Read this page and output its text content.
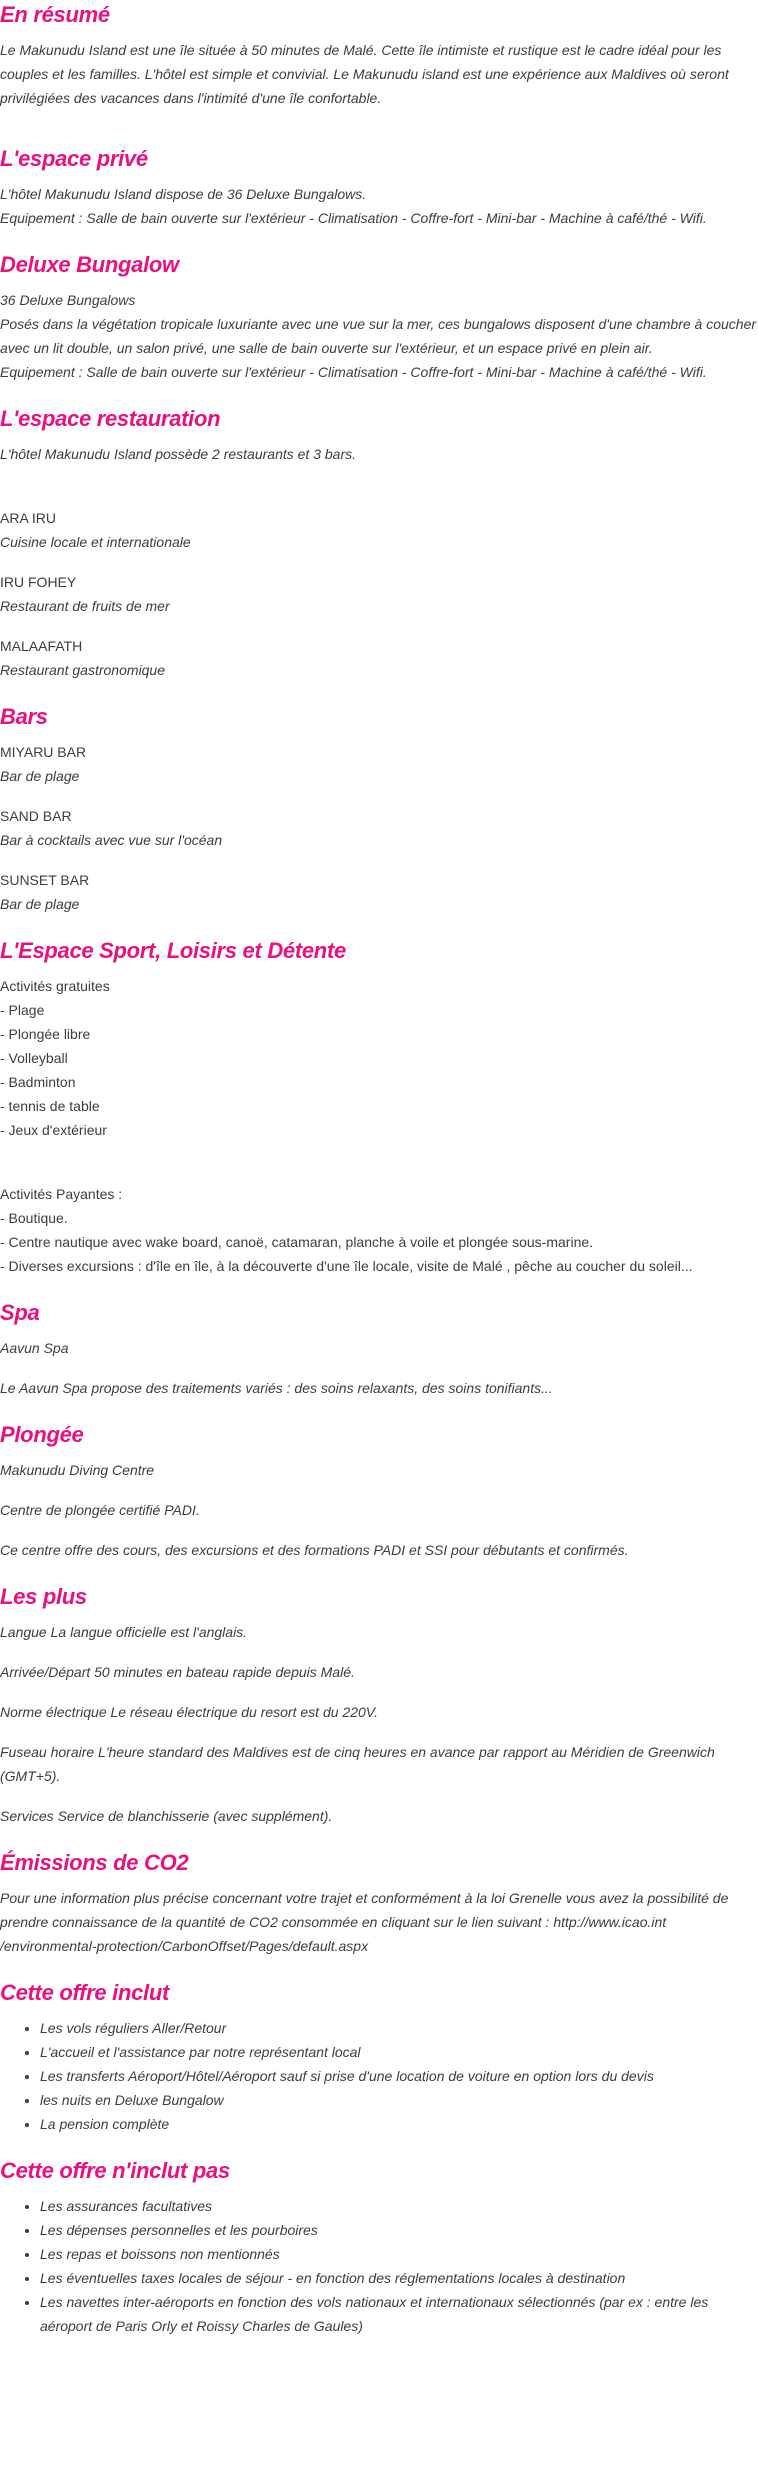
En résumé

Le Makunudu Island est une île située à 50 minutes de Malé. Cette île intimiste et rustique est le cadre idéal pour les couples et les familles. L'hôtel est simple et convivial. Le Makunudu island est une expérience aux Maldives où seront privilégiées des vacances dans l'intimité d'une île confortable.

L'espace privé

L'hôtel Makunudu Island dispose de 36 Deluxe Bungalows.

Equipement : Salle de bain ouverte sur l'extérieur - Climatisation - Coffre-fort - Mini-bar - Machine à café/thé - Wifi.

Deluxe Bungalow

36 Deluxe Bungalows

Posés dans la végétation tropicale luxuriante avec une vue sur la mer, ces bungalows disposent d'une chambre à coucher avec un lit double, un salon privé, une salle de bain ouverte sur l'extérieur, et un espace privé en plein air.

Equipement : Salle de bain ouverte sur l'extérieur - Climatisation - Coffre-fort - Mini-bar - Machine à café/thé - Wifi.

L'espace restauration

L'hôtel Makunudu Island possède 2 restaurants et 3 bars.

ARA IRU
Cuisine locale et internationale
IRU FOHEY
Restaurant de fruits de mer
MALAAFATH
Restaurant gastronomique
Bars
MIYARU BAR
Bar de plage
SAND BAR
Bar à cocktails avec vue sur l'océan
SUNSET BAR
Bar de plage
L'Espace Sport, Loisirs et Détente
Activités gratuites
- Plage
- Plongée libre
- Volleyball
- Badminton
- tennis de table
- Jeux d'extérieur
Activités Payantes :
- Boutique.
- Centre nautique avec wake board, canoë, catamaran, planche à voile et plongée sous-marine.
- Diverses excursions : d'île en île, à la découverte d'une île locale, visite de Malé , pêche au coucher du soleil...
Spa

Aavun Spa

Le Aavun Spa propose des traitements variés : des soins relaxants, des soins tonifiants...

Plongée

Makunudu Diving Centre

Centre de plongée certifié PADI.

Ce centre offre des cours, des excursions et des formations PADI et SSI pour débutants et confirmés.

Les plus

Langue La langue officielle est l'anglais.

Arrivée/Départ 50 minutes en bateau rapide depuis Malé.

Norme électrique Le réseau électrique du resort est du 220V.

Fuseau horaire L'heure standard des Maldives est de cinq heures en avance par rapport au Méridien de Greenwich (GMT+5).

Services Service de blanchisserie (avec supplément).

Émissions de CO2

Pour une information plus précise concernant votre trajet et conformément à la loi Grenelle vous avez la possibilité de prendre connaissance de la quantité de CO2 consommée en cliquant sur le lien suivant : http://www.icao.int /environmental-protection/CarbonOffset/Pages/default.aspx

Cette offre inclut
• Les vols réguliers Aller/Retour
• L'accueil et l'assistance par notre représentant local
• Les transferts Aéroport/Hôtel/Aéroport sauf si prise d'une location de voiture en option lors du devis
• les nuits en Deluxe Bungalow
• La pension complète
Cette offre n'inclut pas
• Les assurances facultatives
• Les dépenses personnelles et les pourboires
• Les repas et boissons non mentionnés
• Les éventuelles taxes locales de séjour - en fonction des réglementations locales à destination
• Les navettes inter-aéroports en fonction des vols nationaux et internationaux sélectionnés (par ex : entre les aéroport de Paris Orly et Roissy Charles de Gaules)
